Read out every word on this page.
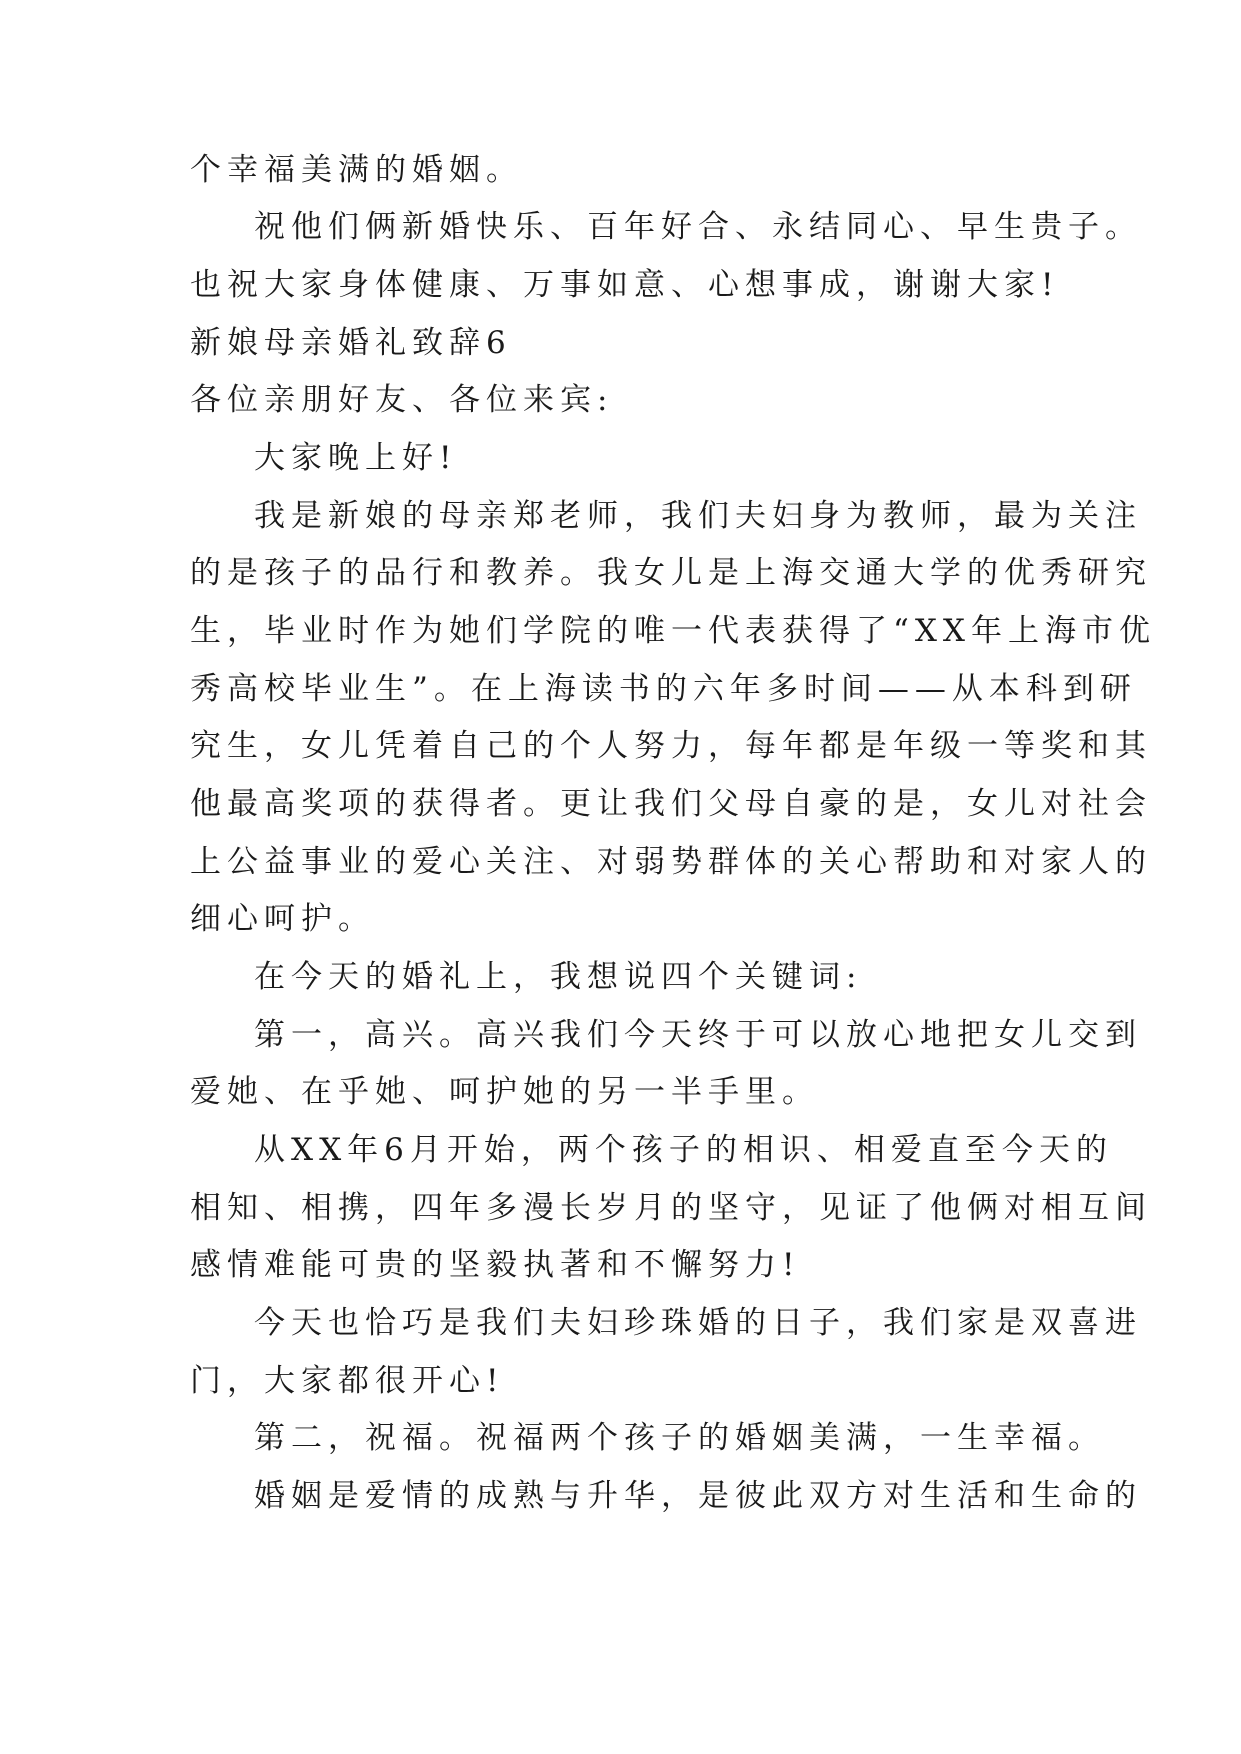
个幸福美满的婚姻。
祝他们俩新婚快乐、百年好合、永结同心、早生贵子。
也祝大家身体健康、万事如意、心想事成，谢谢大家!
新娘母亲婚礼致辞6
各位亲朋好友、各位来宾:
大家晚上好!
我是新娘的母亲郑老师，我们夫妇身为教师，最为关注
的是孩子的品行和教养。我女儿是上海交通大学的优秀研究
生，毕业时作为她们学院的唯一代表获得了“XX年上海市优
秀高校毕业生”。在上海读书的六年多时间——从本科到研
究生，女儿凭着自己的个人努力，每年都是年级一等奖和其
他最高奖项的获得者。更让我们父母自豪的是，女儿对社会
上公益事业的爱心关注、对弱势群体的关心帮助和对家人的
细心呵护。
在今天的婚礼上，我想说四个关键词:
第一，高兴。高兴我们今天终于可以放心地把女儿交到
爱她、在乎她、呵护她的另一半手里。
从XX年6月开始，两个孩子的相识、相爱直至今天的
相知、相携，四年多漫长岁月的坚守，见证了他俩对相互间
感情难能可贵的坚毅执著和不懈努力!
今天也恰巧是我们夫妇珍珠婚的日子，我们家是双喜进
门，大家都很开心!
第二，祝福。祝福两个孩子的婚姻美满，一生幸福。
婚姻是爱情的成熟与升华，是彼此双方对生活和生命的
